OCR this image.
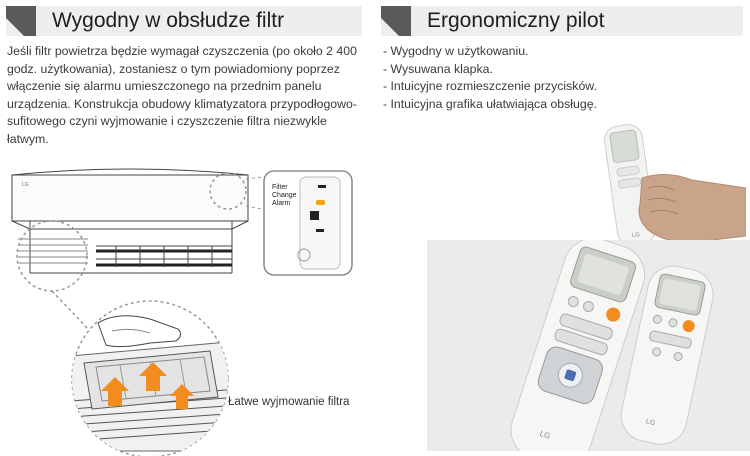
Wygodny w obsłudze filtr	Ergonomiczny pilot
Jeśli filtr powietrza będzie wymagał czyszczenia (po około 2 400 godz. użytkowania), zostaniesz o tym powiadomiony poprzez włączenie się alarmu umieszczonego na przednim panelu urządzenia. Konstrukcja obudowy klimatyzatora przypodłogowo-sufitowego czyni wyjmowanie i czyszczenie filtra niezwykle łatwym.
- Wygodny w użytkowaniu.
- Wysuwana klapka.
- Intuicyjne rozmieszczenie przycisków.
- Intuicyjna grafika ułatwiająca obsługę.
LG	Filter
Change
Alarm
Łatwe wyjmowanie filtra
LG
LG
LG
